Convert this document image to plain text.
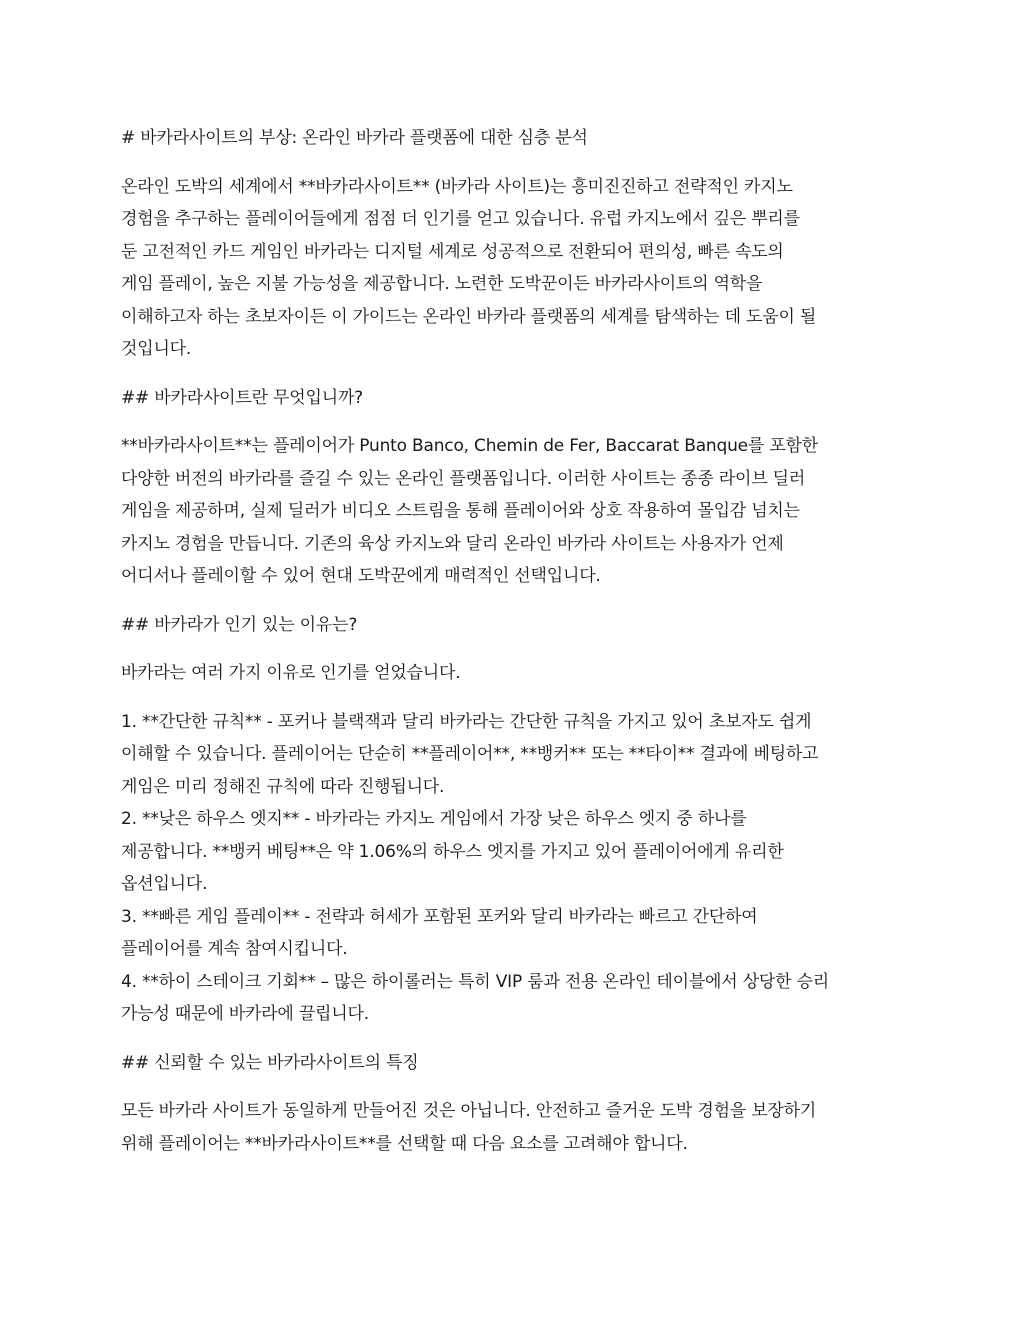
# 바카라사이트의 부상: 온라인 바카라 플랫폼에 대한 심층 분석
온라인 도박의 세계에서 **바카라사이트** (바카라 사이트)는 흥미진진하고 전략적인 카지노
경험을 추구하는 플레이어들에게 점점 더 인기를 얻고 있습니다. 유럽 카지노에서 깊은 뿌리를
둔 고전적인 카드 게임인 바카라는 디지털 세계로 성공적으로 전환되어 편의성, 빠른 속도의
게임 플레이, 높은 지불 가능성을 제공합니다. 노련한 도박꾼이든 바카라사이트의 역학을
이해하고자 하는 초보자이든 이 가이드는 온라인 바카라 플랫폼의 세계를 탐색하는 데 도움이 될
것입니다.
## 바카라사이트란 무엇입니까?
**바카라사이트**는 플레이어가 Punto Banco, Chemin de Fer, Baccarat Banque를 포함한
다양한 버전의 바카라를 즐길 수 있는 온라인 플랫폼입니다. 이러한 사이트는 종종 라이브 딜러
게임을 제공하며, 실제 딜러가 비디오 스트림을 통해 플레이어와 상호 작용하여 몰입감 넘치는
카지노 경험을 만듭니다. 기존의 육상 카지노와 달리 온라인 바카라 사이트는 사용자가 언제
어디서나 플레이할 수 있어 현대 도박꾼에게 매력적인 선택입니다.
## 바카라가 인기 있는 이유는?
바카라는 여러 가지 이유로 인기를 얻었습니다.
1. **간단한 규칙** - 포커나 블랙잭과 달리 바카라는 간단한 규칙을 가지고 있어 초보자도 쉽게
이해할 수 있습니다. 플레이어는 단순히 **플레이어**, **뱅커** 또는 **타이** 결과에 베팅하고
게임은 미리 정해진 규칙에 따라 진행됩니다.
2. **낮은 하우스 엣지** - 바카라는 카지노 게임에서 가장 낮은 하우스 엣지 중 하나를
제공합니다. **뱅커 베팅**은 약 1.06%의 하우스 엣지를 가지고 있어 플레이어에게 유리한
옵션입니다.
3. **빠른 게임 플레이** - 전략과 허세가 포함된 포커와 달리 바카라는 빠르고 간단하여
플레이어를 계속 참여시킵니다.
4. **하이 스테이크 기회** – 많은 하이롤러는 특히 VIP 룸과 전용 온라인 테이블에서 상당한 승리
가능성 때문에 바카라에 끌립니다.
## 신뢰할 수 있는 바카라사이트의 특징
모든 바카라 사이트가 동일하게 만들어진 것은 아닙니다. 안전하고 즐거운 도박 경험을 보장하기
위해 플레이어는 **바카라사이트**를 선택할 때 다음 요소를 고려해야 합니다.
